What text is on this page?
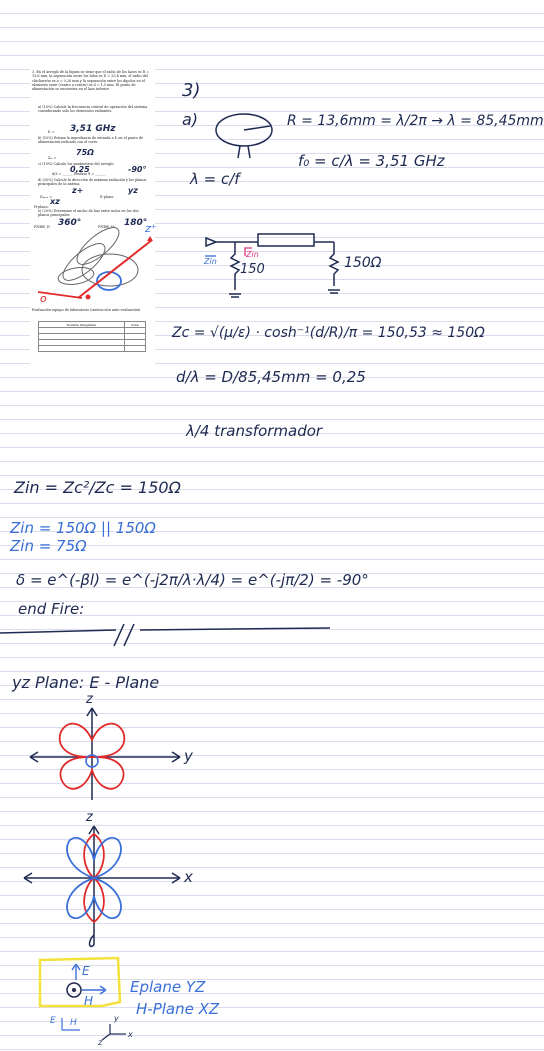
3. En el arreglo de la figura se tiene que el radio de los lazos es R = 13,6 mm, la separación entre los hilos es D = 25,4 mm, el radio del chicharrón es a = 0,26 mm y la separación entre los dipolos en el elemento serie (centro a centro) es d = 1,5 mm. El punto de alimentación se encuentra en el lazo inferior.
a) (10%) Calcule la frecuencia central de operación del sistema considerando solo los elementos radiantes.
f₀ = 3,51 GHz
b) (10%) Estime la impedancia de entrada a f₀ en el punto de alimentación indicado con el corto.
Zᵢₙ =
75Ω
c) (10%) Calcule los parámetros del arreglo:
d/λ = ______ Desfase δ = ______
0,25	-90°
d) (20%) Calcule la dirección de máxima radiación y los planos principales de la antena.
Dᵢₘₐₓ =
z+
E-plano:
yz
H-plano:
xz
e) (20%) Determine el ancho de haz entre nulos en los dos planos principales.
FNBW_E: 360°	FNBW_H: 180°
Evaluación equipo de laboratorio (instrucción auto-evaluación)
Nombre Integrante	Nota

z⁺
o
3)
a)	R = 13,6mm = λ/2π → λ = 85,45mm
f₀ = c/λ = 3,51 GHz
λ = c/f
Zin
Zin
150	150Ω
Zc = √(μ/ε) · cosh⁻¹(d/R)/π = 150,53 ≈ 150Ω
d/λ = D/85,45mm = 0,25
λ/4 transformador
Zin = Zc²/Zc = 150Ω
Zin = 150Ω || 150Ω
Zin = 75Ω
δ = e^(-βl) = e^(-j2π/λ·λ/4) = e^(-jπ/2) = -90°
end Fire:
yz Plane: E - Plane
z
y
z
x
E
H
Eplane YZ
H-Plane XZ
E H	y
z
x
